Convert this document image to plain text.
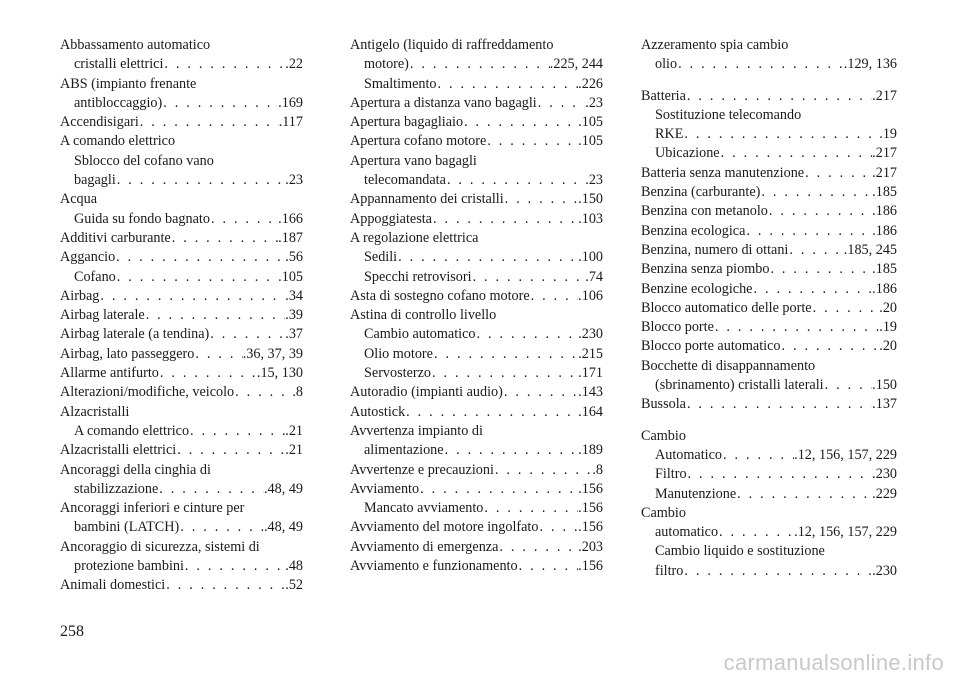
Abbassamento automatico
cristalli elettrici . . .	.22
ABS (impianto frenante
antibloccaggio) . . .	.169
Accendisigari . . .	.117
A comando elettrico
Sblocco del cofano vano
bagagli . . .	.23
Acqua
Guida su fondo bagnato . . .	.166
Additivi carburante . . .	.187
Aggancio . . .	.56
Cofano . . .	.105
Airbag . . .	.34
Airbag laterale . . .	.39
Airbag laterale (a tendina) . . .	.37
Airbag, lato passeggero . . .	.36, 37, 39
Allarme antifurto . . .	.15, 130
Alterazioni/modifiche, veicolo . . .	.8
Alzacristalli
A comando elettrico . . .	.21
Alzacristalli elettrici . . .	.21
Ancoraggi della cinghia di
stabilizzazione . . .	.48, 49
Ancoraggi inferiori e cinture per
bambini (LATCH) . . .	.48, 49
Ancoraggio di sicurezza, sistemi di
protezione bambini . . .	.48
Animali domestici . . .	.52
Antigelo (liquido di raffreddamento
motore) . . .	.225, 244
Smaltimento . . .	.226
Apertura a distanza vano bagagli . . .	.23
Apertura bagagliaio . . .	.105
Apertura cofano motore . . .	.105
Apertura vano bagagli
telecomandata . . .	.23
Appannamento dei cristalli . . .	.150
Appoggiatesta . . .	.103
A regolazione elettrica
Sedili . . .	.100
Specchi retrovisori . . .	.74
Asta di sostegno cofano motore . . .	.106
Astina di controllo livello
Cambio automatico . . .	.230
Olio motore . . .	.215
Servosterzo . . .	.171
Autoradio (impianti audio) . . .	.143
Autostick . . .	.164
Avvertenza impianto di
alimentazione . . .	.189
Avvertenze e precauzioni . . .	.8
Avviamento . . .	.156
Mancato avviamento . . .	.156
Avviamento del motore ingolfato . . .	.156
Avviamento di emergenza . . .	.203
Avviamento e funzionamento . . .	.156
Azzeramento spia cambio
olio . . .	.129, 136
Batteria . . .	.217
Sostituzione telecomando
RKE . . .	.19
Ubicazione . . .	.217
Batteria senza manutenzione . . .	.217
Benzina (carburante) . . .	.185
Benzina con metanolo . . .	.186
Benzina ecologica . . .	.186
Benzina, numero di ottani . . .	.185, 245
Benzina senza piombo . . .	.185
Benzine ecologiche . . .	.186
Blocco automatico delle porte . . .	.20
Blocco porte . . .	.19
Blocco porte automatico . . .	.20
Bocchette di disappannamento
(sbrinamento) cristalli laterali . . .	.150
Bussola . . .	.137
Cambio
Automatico . . .	.12, 156, 157, 229
Filtro . . .	.230
Manutenzione . . .	.229
Cambio
automatico . . .	.12, 156, 157, 229
Cambio liquido e sostituzione
filtro . . .	.230
258
carmanualsonline.info
